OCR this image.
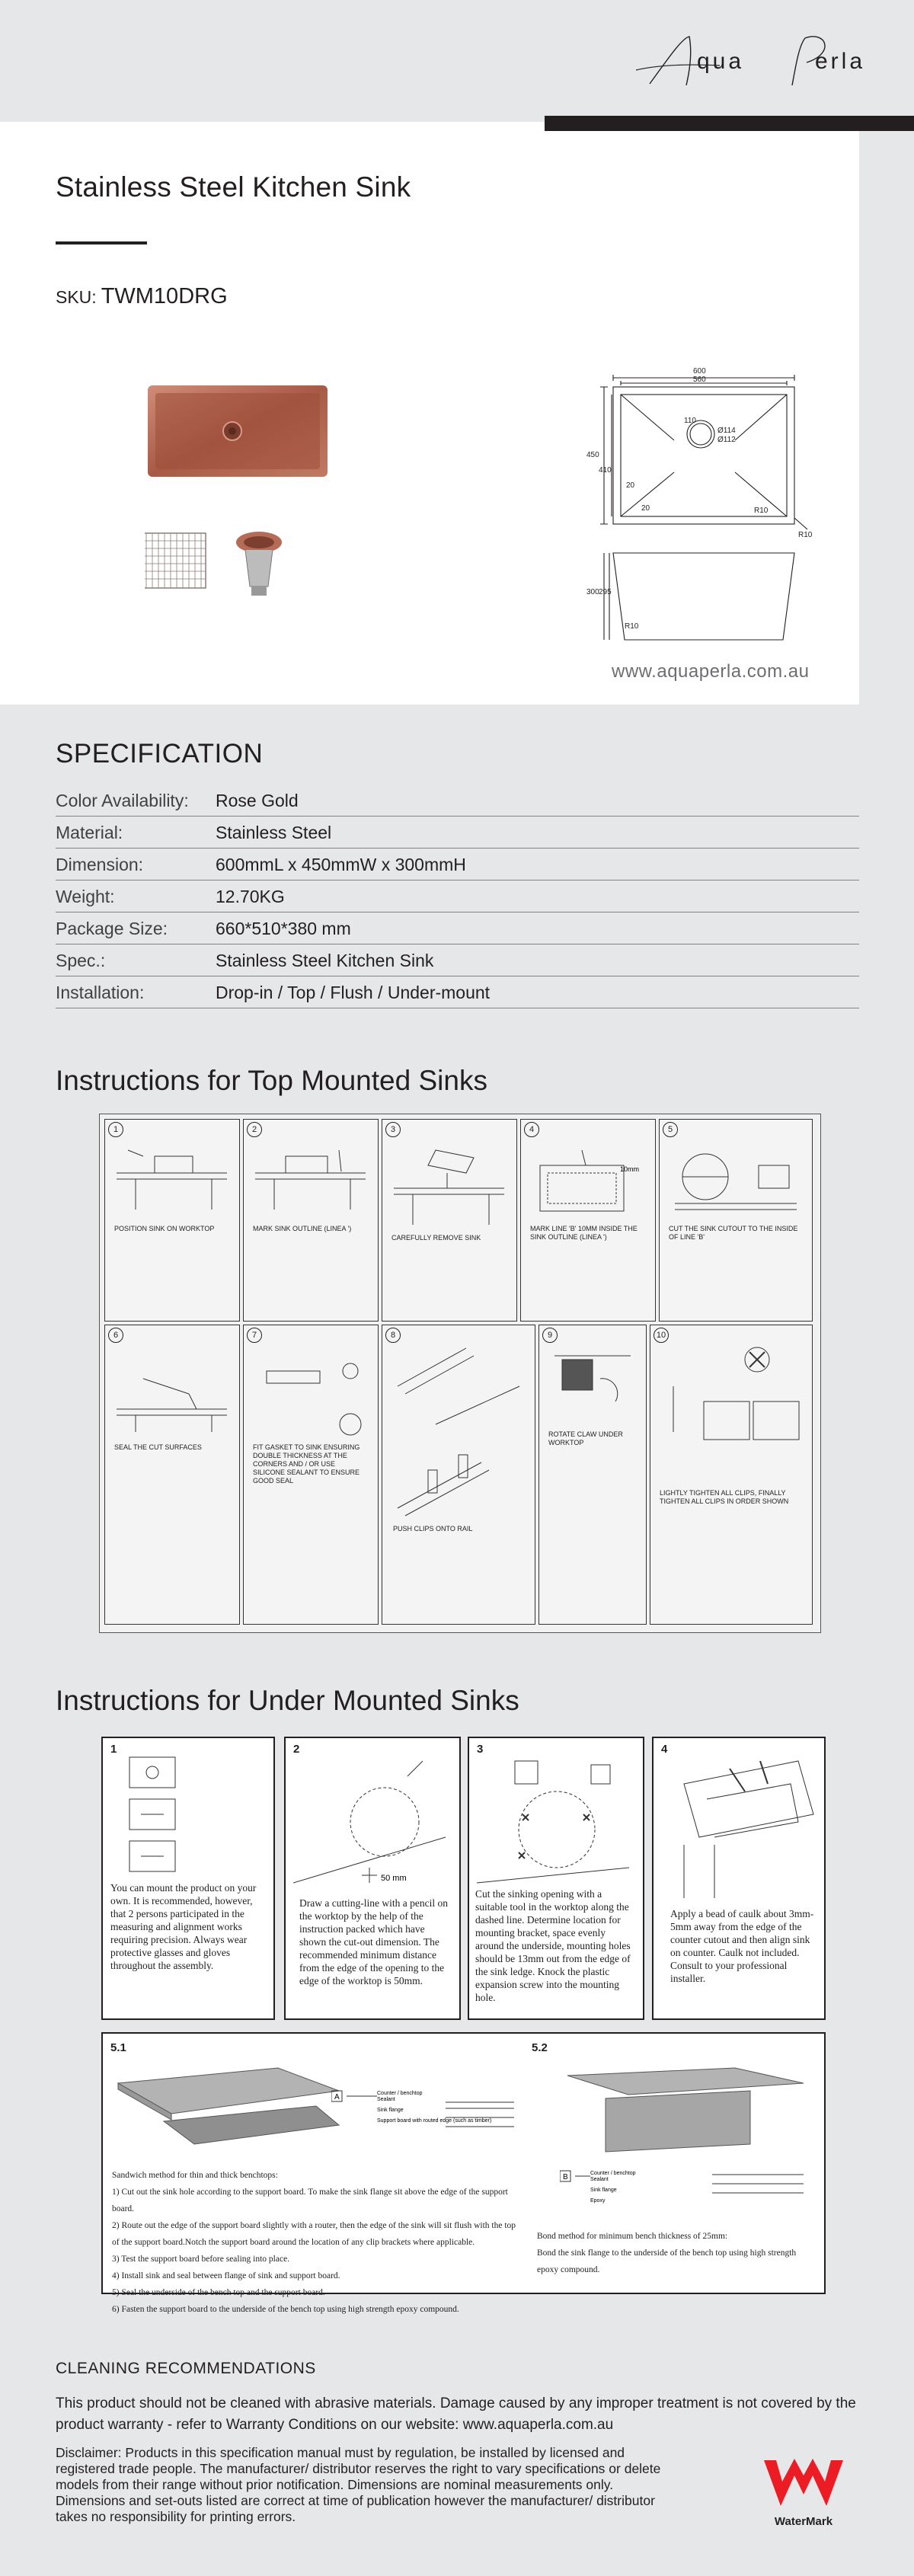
qua	erla
Stainless Steel Kitchen Sink
SKU: TWM10DRG
600
560
110
Ø114
Ø112
450
410
20
20	R10
R10
300 295
R10
www.aquaperla.com.au
SPECIFICATION
Color Availability: Rose Gold
Material:	Stainless Steel
Dimension:	600mmL x 450mmW x 300mmH
Weight:	12.70KG
Package Size:	660*510*380 mm
Spec.:	Stainless Steel Kitchen Sink
Installation:	Drop-in / Top / Flush / Under-mount
Instructions for Top Mounted Sinks
1
POSITION SINK ON WORKTOP
2
MARK SINK OUTLINE (LINEA ')
3
CAREFULLY REMOVE SINK
4
10mm
MARK LINE 'B' 10MM INSIDE THE SINK OUTLINE (LINEA ')
5
CUT THE SINK CUTOUT TO THE INSIDE OF LINE 'B'
6
SEAL THE CUT SURFACES
7
FIT GASKET TO SINK ENSURING DOUBLE THICKNESS AT THE CORNERS AND / OR USE SILICONE SEALANT TO ENSURE GOOD SEAL
8
PUSH CLIPS ONTO RAIL
9
ROTATE CLAW UNDER WORKTOP
10
LIGHTLY TIGHTEN ALL CLIPS, FINALLY TIGHTEN ALL CLIPS IN ORDER SHOWN
Instructions for Under Mounted Sinks
1
You can mount the product on your own. It is recommended, however, that 2 persons participated in the measuring and alignment works requiring precision. Always wear protective glasses and gloves throughout the assembly.
2
50 mm
Draw a cutting-line with a pencil on the worktop by the help of the instruction packed which have shown the cut-out dimension. The recommended minimum distance from the edge of the opening to the edge of the worktop is 50mm.
3
Cut the sinking opening with a suitable tool in the worktop along the dashed line. Determine location for mounting bracket, space evenly around the underside, mounting holes should be 13mm out from the edge of the sink ledge. Knock the plastic expansion screw into the mounting hole.
4
Apply a bead of caulk about 3mm-5mm away from the edge of the counter cutout and then align sink on counter. Caulk not included. Consult to your professional installer.
5.1	5.2
A	Counter / benchtop
Sealant
Sink flange
Support board with routed edge (such as timber)
Sandwich method for thin and thick benchtops:
1) Cut out the sink hole according to the support board. To make the sink flange sit above the edge of the support board.
2) Route out the edge of the support board slightly with a router, then the edge of the sink will sit flush with the top of the support board.Notch the support board around the location of any clip brackets where applicable.
3) Test the support board before sealing into place.
4) Install sink and seal between flange of sink and support board.
5) Seal the underside of the bench top and the support board.
6) Fasten the support board to the underside of the bench top using high strength epoxy compound.
B	Counter / benchtop
Sealant
Sink flange
Epoxy
Bond method for minimum bench thickness of 25mm:
Bond the sink flange to the underside of the bench top using high strength epoxy compound.
CLEANING RECOMMENDATIONS
This product should not be cleaned with abrasive materials. Damage caused by any improper treatment is not covered by the product warranty - refer to Warranty Conditions on our website: www.aquaperla.com.au
Disclaimer: Products in this specification manual must by regulation, be installed by licensed and registered trade people. The manufacturer/ distributor reserves the right to vary specifications or delete models from their range without prior notification. Dimensions are nominal measurements only. Dimensions and set-outs listed are correct at time of publication however the manufacturer/ distributor takes no responsibility for printing errors.	WaterMark
